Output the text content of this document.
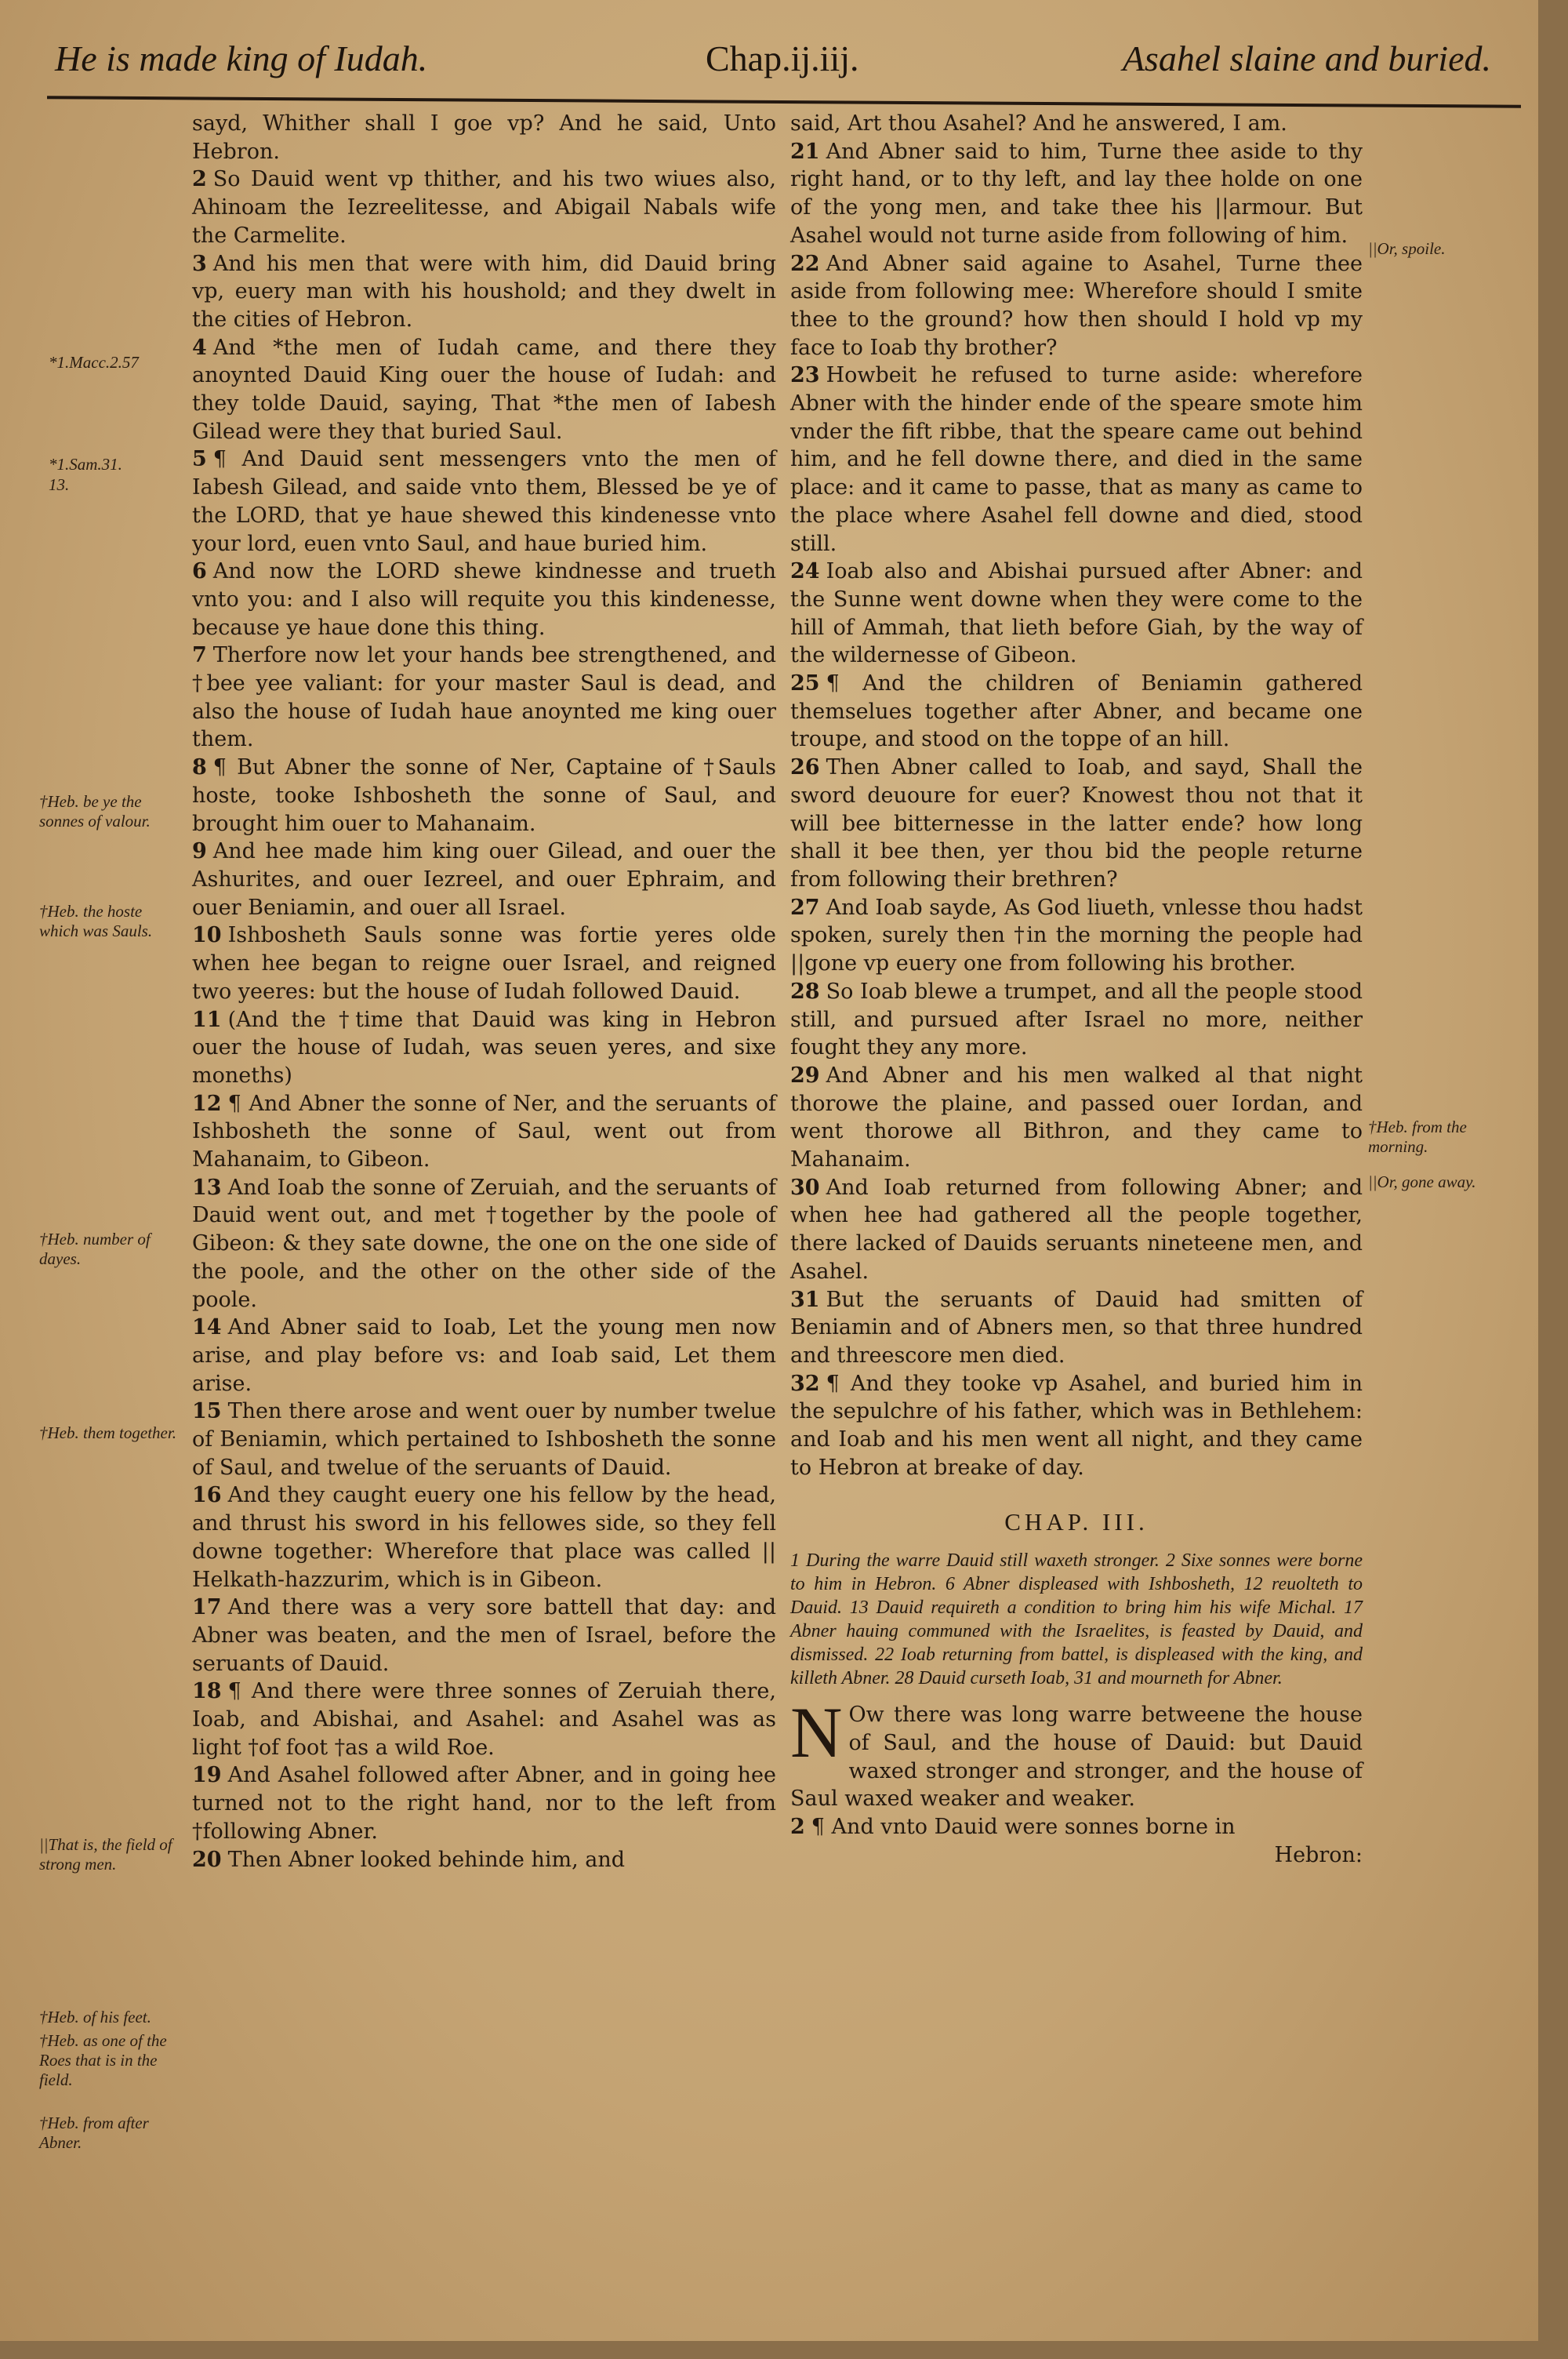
He is made king of Iudah.	Chap.ij.iij.	Asahel slaine and buried.
*1.Macc.2.57
*1.Sam.31.
13.
†Heb. be ye the sonnes of valour.
†Heb. the hoste which was Sauls.
†Heb. number of dayes.
†Heb. them together.
||That is, the field of strong men.
†Heb. of his feet.
†Heb. as one of the Roes that is in the field.
†Heb. from after Abner.
||Or, spoile.
†Heb. from the morning.
||Or, gone away.

sayd, Whither shall I goe vp? And he said, Unto Hebron.

2 So Dauid went vp thither, and his two wiues also, Ahinoam the Iezreelitesse, and Abigail Nabals wife the Carmelite.

3 And his men that were with him, did Dauid bring vp, euery man with his houshold; and they dwelt in the cities of Hebron.

4 And *the men of Iudah came, and there they anoynted Dauid King ouer the house of Iudah: and they tolde Dauid, saying, That *the men of Iabesh Gilead were they that buried Saul.

5 ¶ And Dauid sent messengers vnto the men of Iabesh Gilead, and saide vnto them, Blessed be ye of the LORD, that ye haue shewed this kindenesse vnto your lord, euen vnto Saul, and haue buried him.

6 And now the LORD shewe kindnesse and trueth vnto you: and I also will requite you this kindenesse, because ye haue done this thing.

7 Therfore now let your hands bee strengthened, and †bee yee valiant: for your master Saul is dead, and also the house of Iudah haue anoynted me king ouer them.

8 ¶ But Abner the sonne of Ner, Captaine of †Sauls hoste, tooke Ishbosheth the sonne of Saul, and brought him ouer to Mahanaim.

9 And hee made him king ouer Gilead, and ouer the Ashurites, and ouer Iezreel, and ouer Ephraim, and ouer Beniamin, and ouer all Israel.

10 Ishbosheth Sauls sonne was fortie yeres olde when hee began to reigne ouer Israel, and reigned two yeeres: but the house of Iudah followed Dauid.

11 (And the †time that Dauid was king in Hebron ouer the house of Iudah, was seuen yeres, and sixe moneths)

12 ¶ And Abner the sonne of Ner, and the seruants of Ishbosheth the sonne of Saul, went out from Mahanaim, to Gibeon.

13 And Ioab the sonne of Zeruiah, and the seruants of Dauid went out, and met †together by the poole of Gibeon: & they sate downe, the one on the one side of the poole, and the other on the other side of the poole.

14 And Abner said to Ioab, Let the young men now arise, and play before vs: and Ioab said, Let them arise.

15 Then there arose and went ouer by number twelue of Beniamin, which pertained to Ishbosheth the sonne of Saul, and twelue of the seruants of Dauid.

16 And they caught euery one his fellow by the head, and thrust his sword in his fellowes side, so they fell downe together: Wherefore that place was called || Helkath-hazzurim, which is in Gibeon.

17 And there was a very sore battell that day: and Abner was beaten, and the men of Israel, before the seruants of Dauid.

18 ¶ And there were three sonnes of Zeruiah there, Ioab, and Abishai, and Asahel: and Asahel was as light †of foot †as a wild Roe.

19 And Asahel followed after Abner, and in going hee turned not to the right hand, nor to the left from †following Abner.

20 Then Abner looked behinde him, and

said, Art thou Asahel? And he answered, I am.

21 And Abner said to him, Turne thee aside to thy right hand, or to thy left, and lay thee holde on one of the yong men, and take thee his ||armour. But Asahel would not turne aside from following of him.

22 And Abner said againe to Asahel, Turne thee aside from following mee: Wherefore should I smite thee to the ground? how then should I hold vp my face to Ioab thy brother?

23 Howbeit he refused to turne aside: wherefore Abner with the hinder ende of the speare smote him vnder the fift ribbe, that the speare came out behind him, and he fell downe there, and died in the same place: and it came to passe, that as many as came to the place where Asahel fell downe and died, stood still.

24 Ioab also and Abishai pursued after Abner: and the Sunne went downe when they were come to the hill of Ammah, that lieth before Giah, by the way of the wildernesse of Gibeon.

25 ¶ And the children of Beniamin gathered themselues together after Abner, and became one troupe, and stood on the toppe of an hill.

26 Then Abner called to Ioab, and sayd, Shall the sword deuoure for euer? Knowest thou not that it will bee bitternesse in the latter ende? how long shall it bee then, yer thou bid the people returne from following their brethren?

27 And Ioab sayde, As God liueth, vnlesse thou hadst spoken, surely then †in the morning the people had ||gone vp euery one from following his brother.

28 So Ioab blewe a trumpet, and all the people stood still, and pursued after Israel no more, neither fought they any more.

29 And Abner and his men walked al that night thorowe the plaine, and passed ouer Iordan, and went thorowe all Bithron, and they came to Mahanaim.

30 And Ioab returned from following Abner; and when hee had gathered all the people together, there lacked of Dauids seruants nineteene men, and Asahel.

31 But the seruants of Dauid had smitten of Beniamin and of Abners men, so that three hundred and threescore men died.

32 ¶ And they tooke vp Asahel, and buried him in the sepulchre of his father, which was in Bethlehem: and Ioab and his men went all night, and they came to Hebron at breake of day.

CHAP. III.

1 During the warre Dauid still waxeth stronger. 2 Sixe sonnes were borne to him in Hebron. 6 Abner displeased with Ishbosheth, 12 reuolteth to Dauid. 13 Dauid requireth a condition to bring him his wife Michal. 17 Abner hauing communed with the Israelites, is feasted by Dauid, and dismissed. 22 Ioab returning from battel, is displeased with the king, and killeth Abner. 28 Dauid curseth Ioab, 31 and mourneth for Abner.

N Ow there was long warre betweene the house of Saul, and the house of Dauid: but Dauid waxed stronger and stronger, and the house of Saul waxed weaker and weaker.

2 ¶ And vnto Dauid were sonnes borne in

Hebron:
